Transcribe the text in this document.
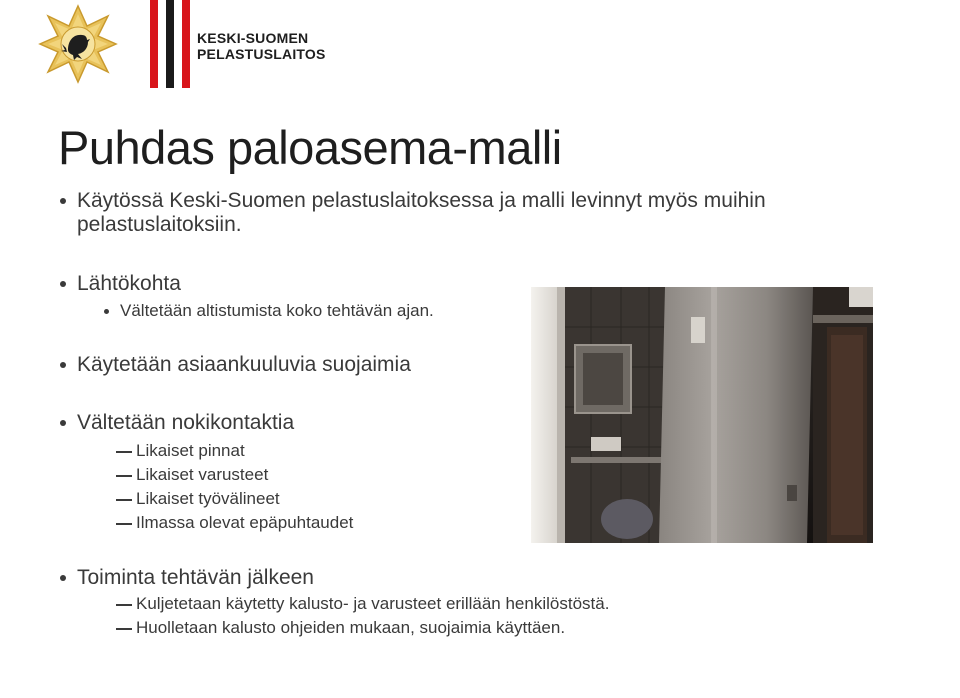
KESKI-SUOMEN
PELASTUSLAITOS
Puhdas paloasema-malli
Käytössä Keski-Suomen pelastuslaitoksessa ja malli levinnyt myös muihin
pelastuslaitoksiin.
Lähtökohta
Vältetään altistumista koko tehtävän ajan.
Käytetään asiaankuuluvia suojaimia
Vältetään nokikontaktia
Likaiset pinnat
Likaiset varusteet
Likaiset työvälineet
Ilmassa olevat epäpuhtaudet
Toiminta tehtävän jälkeen
Kuljetetaan käytetty kalusto- ja varusteet erillään henkilöstöstä.
Huolletaan kalusto ohjeiden mukaan, suojaimia käyttäen.
